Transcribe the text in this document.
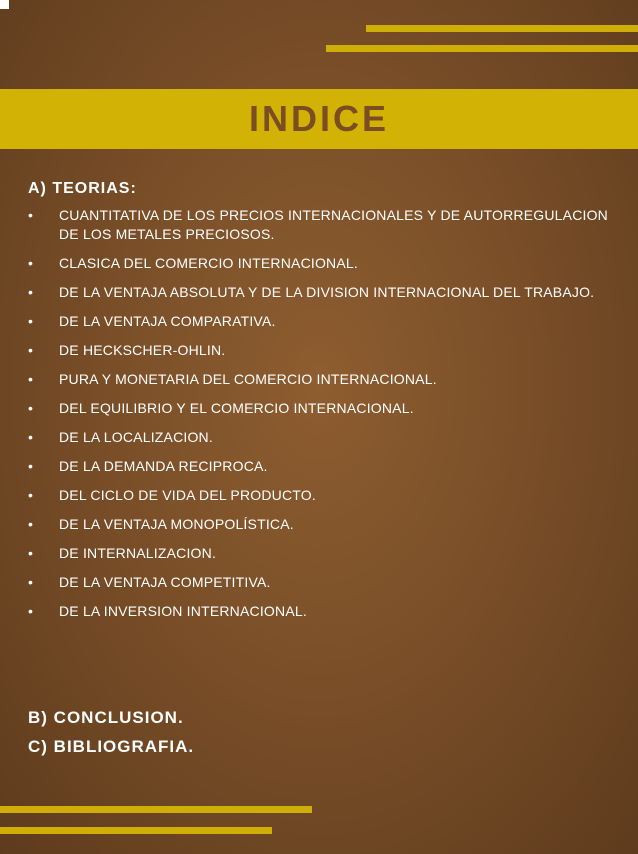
INDICE
A) TEORIAS:
• CUANTITATIVA DE LOS PRECIOS INTERNACIONALES Y DE AUTORREGULACION DE LOS METALES PRECIOSOS.
• CLASICA DEL COMERCIO INTERNACIONAL.
• DE LA VENTAJA ABSOLUTA Y DE LA DIVISION INTERNACIONAL DEL TRABAJO.
• DE LA VENTAJA COMPARATIVA.
• DE HECKSCHER-OHLIN.
• PURA Y MONETARIA DEL COMERCIO INTERNACIONAL.
• DEL EQUILIBRIO Y EL COMERCIO INTERNACIONAL.
• DE LA LOCALIZACION.
• DE LA DEMANDA RECIPROCA.
• DEL CICLO DE VIDA DEL PRODUCTO.
• DE LA VENTAJA MONOPOLÍSTICA.
• DE INTERNALIZACION.
• DE LA VENTAJA COMPETITIVA.
• DE LA INVERSION INTERNACIONAL.
B) CONCLUSION.
C) BIBLIOGRAFIA.
